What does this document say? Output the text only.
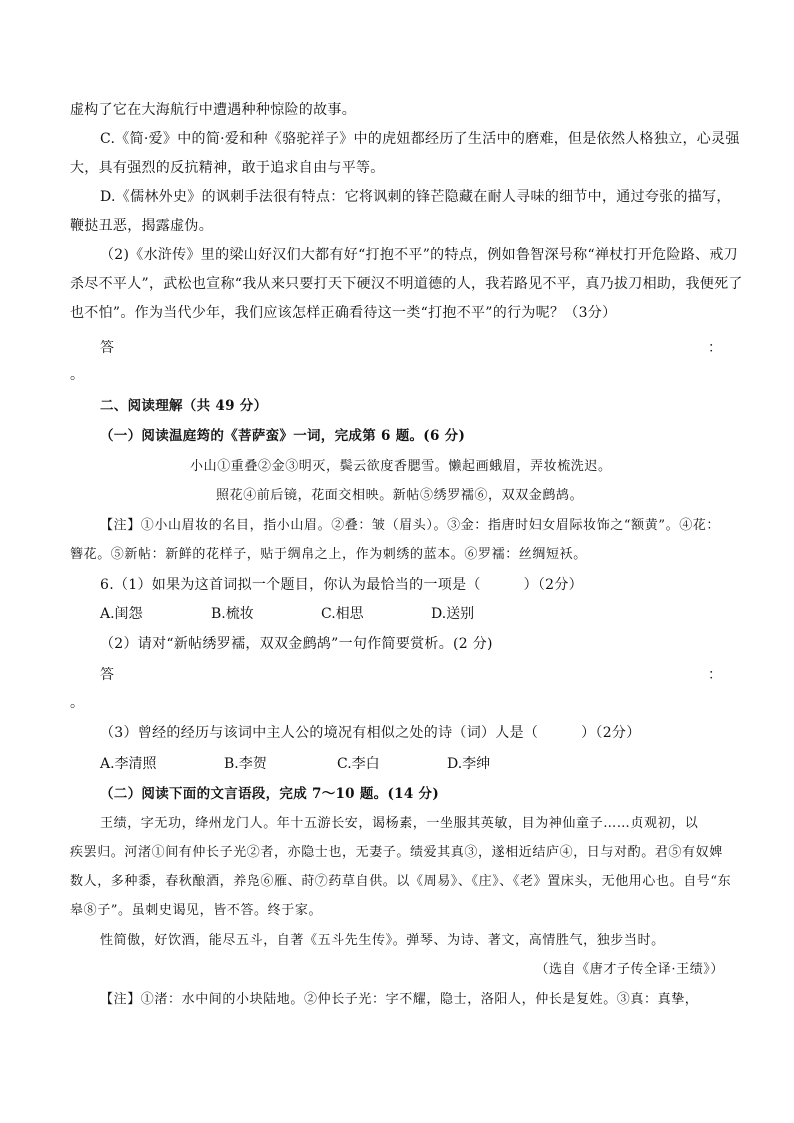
虚构了它在大海航行中遭遇种种惊险的故事。
C.《简·爱》中的简·爱和种《骆驼祥子》中的虎妞都经历了生活中的磨难，但是依然人格独立，心灵强
大，具有强烈的反抗精神，敢于追求自由与平等。
D.《儒林外史》的讽刺手法很有特点：它将讽刺的锋芒隐藏在耐人寻味的细节中，通过夸张的描写，
鞭挞丑恶，揭露虚伪。
（2)《水浒传》里的梁山好汉们大都有好“打抱不平”的特点，例如鲁智深号称“禅杖打开危险路、戒刀
杀尽不平人”，武松也宣称“我从来只要打天下硬汉不明道德的人，我若路见不平，真乃拔刀相助，我便死了
也不怕”。作为当代少年，我们应该怎样正确看待这一类“打抱不平”的行为呢？（3分）
答	：
。
二、阅读理解（共 49 分）
（一）阅读温庭筠的《菩萨蛮》一词，完成第 6 题。(6 分)
小山①重叠②金③明灭，鬓云欲度香腮雪。懒起画蛾眉，弄妆梳洗迟。
照花④前后镜，花面交相映。新帖⑤绣罗襦⑥，双双金鹧鸪。
【注】①小山眉妆的名目，指小山眉。②叠：皱（眉头）。③金：指唐时妇女眉际妆饰之“额黄”。④花：
簪花。⑤新帖：新鲜的花样子，贴于绸帛之上，作为刺绣的蓝本。⑥罗襦：丝绸短袄。
6.（1）如果为这首词拟一个题目，你认为最恰当的一项是（　　　）（2分）
A.闺怨	B.梳妆	C.相思	D.送别
（2）请对“新帖绣罗襦，双双金鹧鸪”一句作简要赏析。(2 分)
答	：
。
（3）曾经的经历与该词中主人公的境况有相似之处的诗（词）人是（　　　）（2分）
A.李清照	B.李贺	C.李白	D.李绅
（二）阅读下面的文言语段，完成 7～10 题。(14 分)
王绩，字无功，绛州龙门人。年十五游长安，谒杨素，一坐服其英敏，目为神仙童子……贞观初，以
疾罢归。河渚①间有仲长子光②者，亦隐士也，无妻子。绩爱其真③，遂相近结庐④，日与对酌。君⑤有奴婢
数人，多种黍，春秋酿酒，养凫⑥雁、莳⑦药草自供。以《周易》、《庄》、《老》置床头，无他用心也。自号“东
皋⑧子”。虽刺史谒见，皆不答。终于家。
性简傲，好饮酒，能尽五斗，自著《五斗先生传》。弹琴、为诗、著文，高情胜气，独步当时。
（选自《唐才子传全译·王绩》）
【注】①渚：水中间的小块陆地。②仲长子光：字不耀，隐士，洛阳人，仲长是复姓。③真：真挚，
